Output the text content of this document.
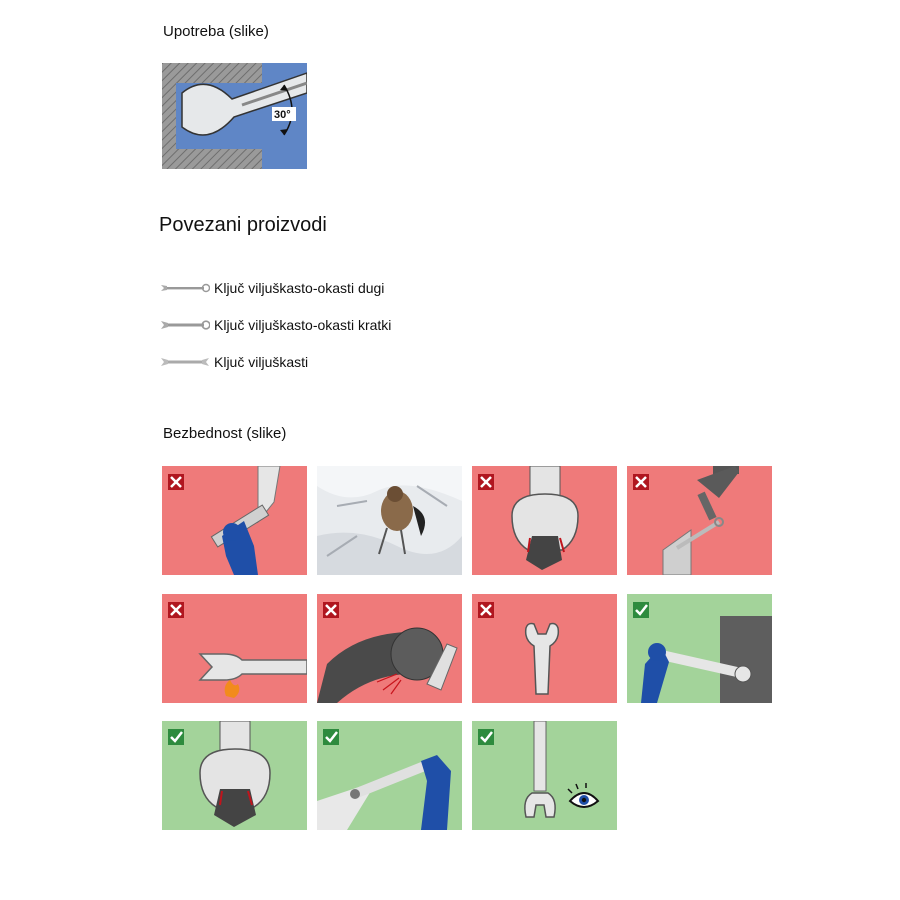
Upotreba (slike)
30°
Povezani proizvodi
Ključ viljuškasto-okasti dugi
Ključ viljuškasto-okasti kratki
Ključ viljuškasti
Bezbednost (slike)
